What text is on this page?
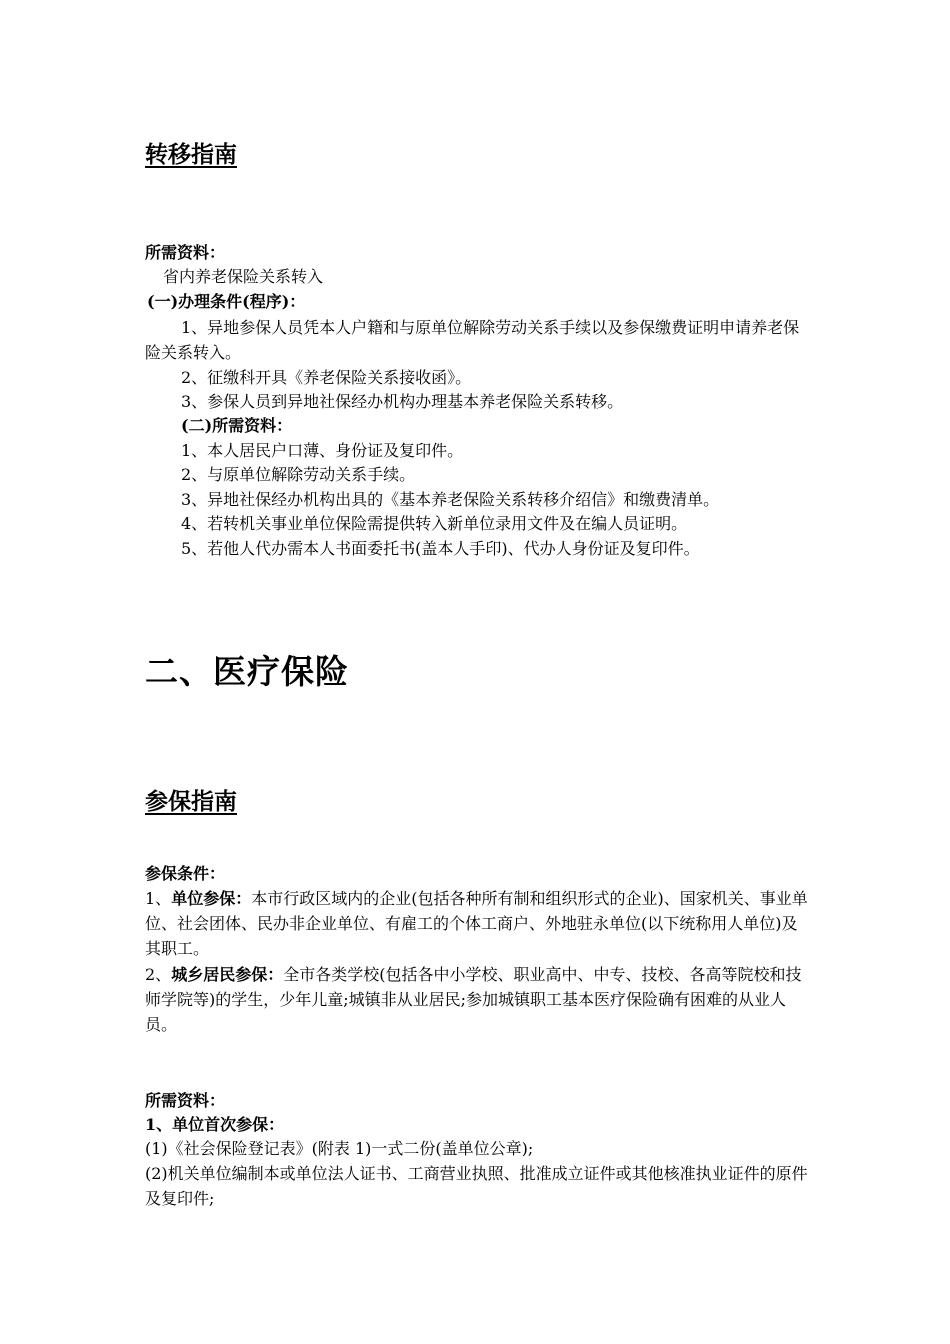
转移指南
所需资料：
省内养老保险关系转入
(一)办理条件(程序)：
1、异地参保人员凭本人户籍和与原单位解除劳动关系手续以及参保缴费证明申请养老保险关系转入。
2、征缴科开具《养老保险关系接收函》。
3、参保人员到异地社保经办机构办理基本养老保险关系转移。
(二)所需资料：
1、本人居民户口薄、身份证及复印件。
2、与原单位解除劳动关系手续。
3、异地社保经办机构出具的《基本养老保险关系转移介绍信》和缴费清单。
4、若转机关事业单位保险需提供转入新单位录用文件及在编人员证明。
5、若他人代办需本人书面委托书(盖本人手印)、代办人身份证及复印件。
二、医疗保险
参保指南
参保条件：
1、单位参保：本市行政区域内的企业(包括各种所有制和组织形式的企业)、国家机关、事业单位、社会团体、民办非企业单位、有雇工的个体工商户、外地驻永单位(以下统称用人单位)及其职工。
2、城乡居民参保：全市各类学校(包括各中小学校、职业高中、中专、技校、各高等院校和技师学院等)的学生，少年儿童;城镇非从业居民;参加城镇职工基本医疗保险确有困难的从业人员。
所需资料：
1、单位首次参保：
(1)《社会保险登记表》(附表 1)一式二份(盖单位公章);
(2)机关单位编制本或单位法人证书、工商营业执照、批准成立证件或其他核准执业证件的原件及复印件;
